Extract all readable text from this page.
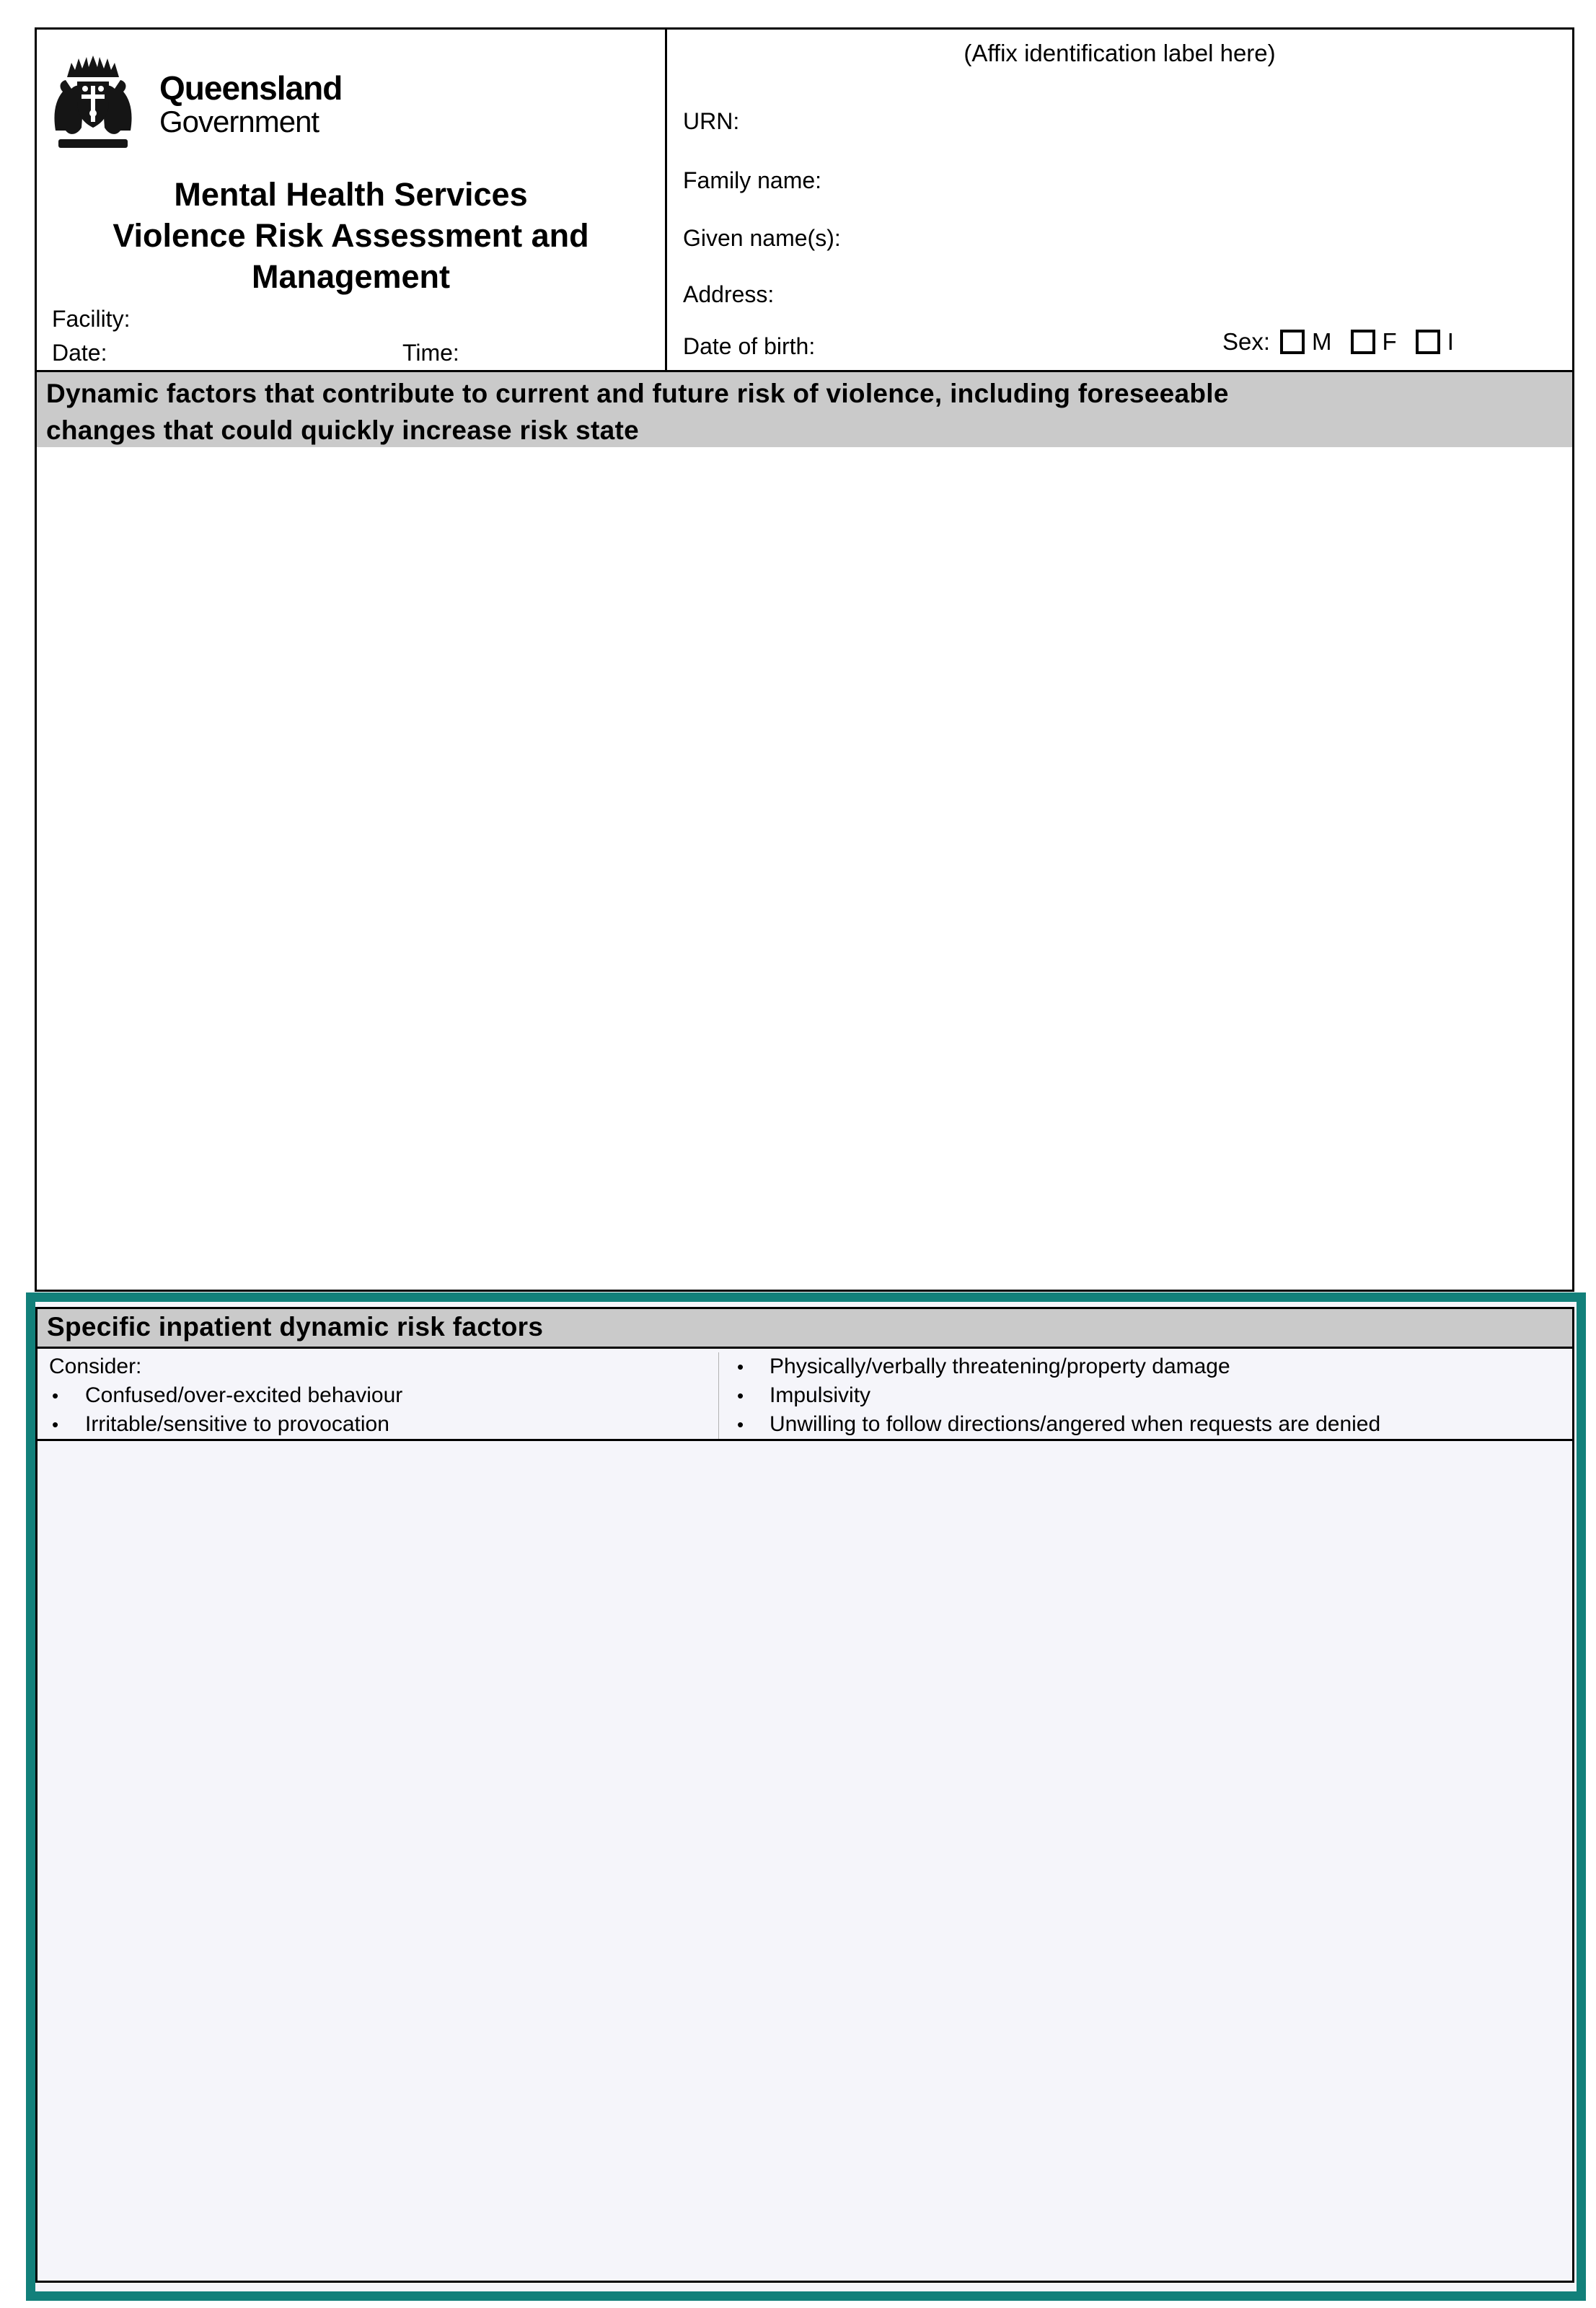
Queensland
Government
Mental Health Services
Violence Risk Assessment and
Management
Facility:
Date:	Time:
(Affix identification label here)
URN:
Family name:
Given name(s):
Address:
Date of birth:	Sex: M F I
Dynamic factors that contribute to current and future risk of violence, including foreseeable
changes that could quickly increase risk state
Specific inpatient dynamic risk factors
Consider:
•	Confused/over-excited behaviour
•	Irritable/sensitive to provocation
•	Physically/verbally threatening/property damage
•	Impulsivity
•	Unwilling to follow directions/angered when requests are denied
